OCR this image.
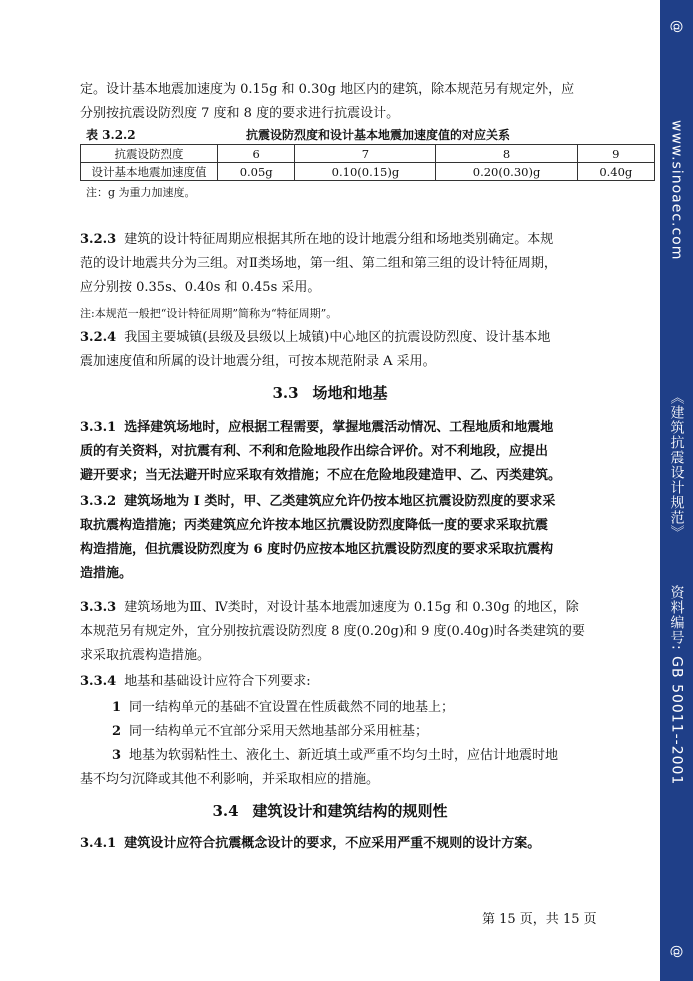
定。设计基本地震加速度为 0.15g 和 0.30g 地区内的建筑，除本规范另有规定外，应
分别按抗震设防烈度 7 度和 8 度的要求进行抗震设计。
表 3.2.2	抗震设防烈度和设计基本地震加速度值的对应关系
抗震设防烈度	6	7	8	9
设计基本地震加速度值	0.05g	0.10(0.15)g	0.20(0.30)g	0.40g
注：g 为重力加速度。
3.2.3 建筑的设计特征周期应根据其所在地的设计地震分组和场地类别确定。本规
范的设计地震共分为三组。对Ⅱ类场地，第一组、第二组和第三组的设计特征周期，
应分别按 0.35s、0.40s 和 0.45s 采用。
注:本规范一般把“设计特征周期”简称为“特征周期”。
3.2.4 我国主要城镇(县级及县级以上城镇)中心地区的抗震设防烈度、设计基本地
震加速度值和所属的设计地震分组，可按本规范附录 A 采用。
3.3 场地和地基
3.3.1 选择建筑场地时，应根据工程需要，掌握地震活动情况、工程地质和地震地
质的有关资料，对抗震有利、不利和危险地段作出综合评价。对不利地段，应提出
避开要求；当无法避开时应采取有效措施；不应在危险地段建造甲、乙、丙类建筑。
3.3.2 建筑场地为 I 类时，甲、乙类建筑应允许仍按本地区抗震设防烈度的要求采
取抗震构造措施；丙类建筑应允许按本地区抗震设防烈度降低一度的要求采取抗震
构造措施，但抗震设防烈度为 6 度时仍应按本地区抗震设防烈度的要求采取抗震构
造措施。
3.3.3 建筑场地为Ⅲ、Ⅳ类时，对设计基本地震加速度为 0.15g 和 0.30g 的地区，除
本规范另有规定外，宜分别按抗震设防烈度 8 度(0.20g)和 9 度(0.40g)时各类建筑的要
求采取抗震构造措施。
3.3.4 地基和基础设计应符合下列要求:
1 同一结构单元的基础不宜设置在性质截然不同的地基上；
2 同一结构单元不宜部分采用天然地基部分采用桩基；
3 地基为软弱粘性土、液化土、新近填土或严重不均匀土时，应估计地震时地
基不均匀沉降或其他不利影响，并采取相应的措施。
3.4 建筑设计和建筑结构的规则性
3.4.1 建筑设计应符合抗震概念设计的要求，不应采用严重不规则的设计方案。
第 15 页，共 15 页
@
www.sinoaec.com
《建筑抗震设计规范》
资料编号: GB 50011--2001
@
